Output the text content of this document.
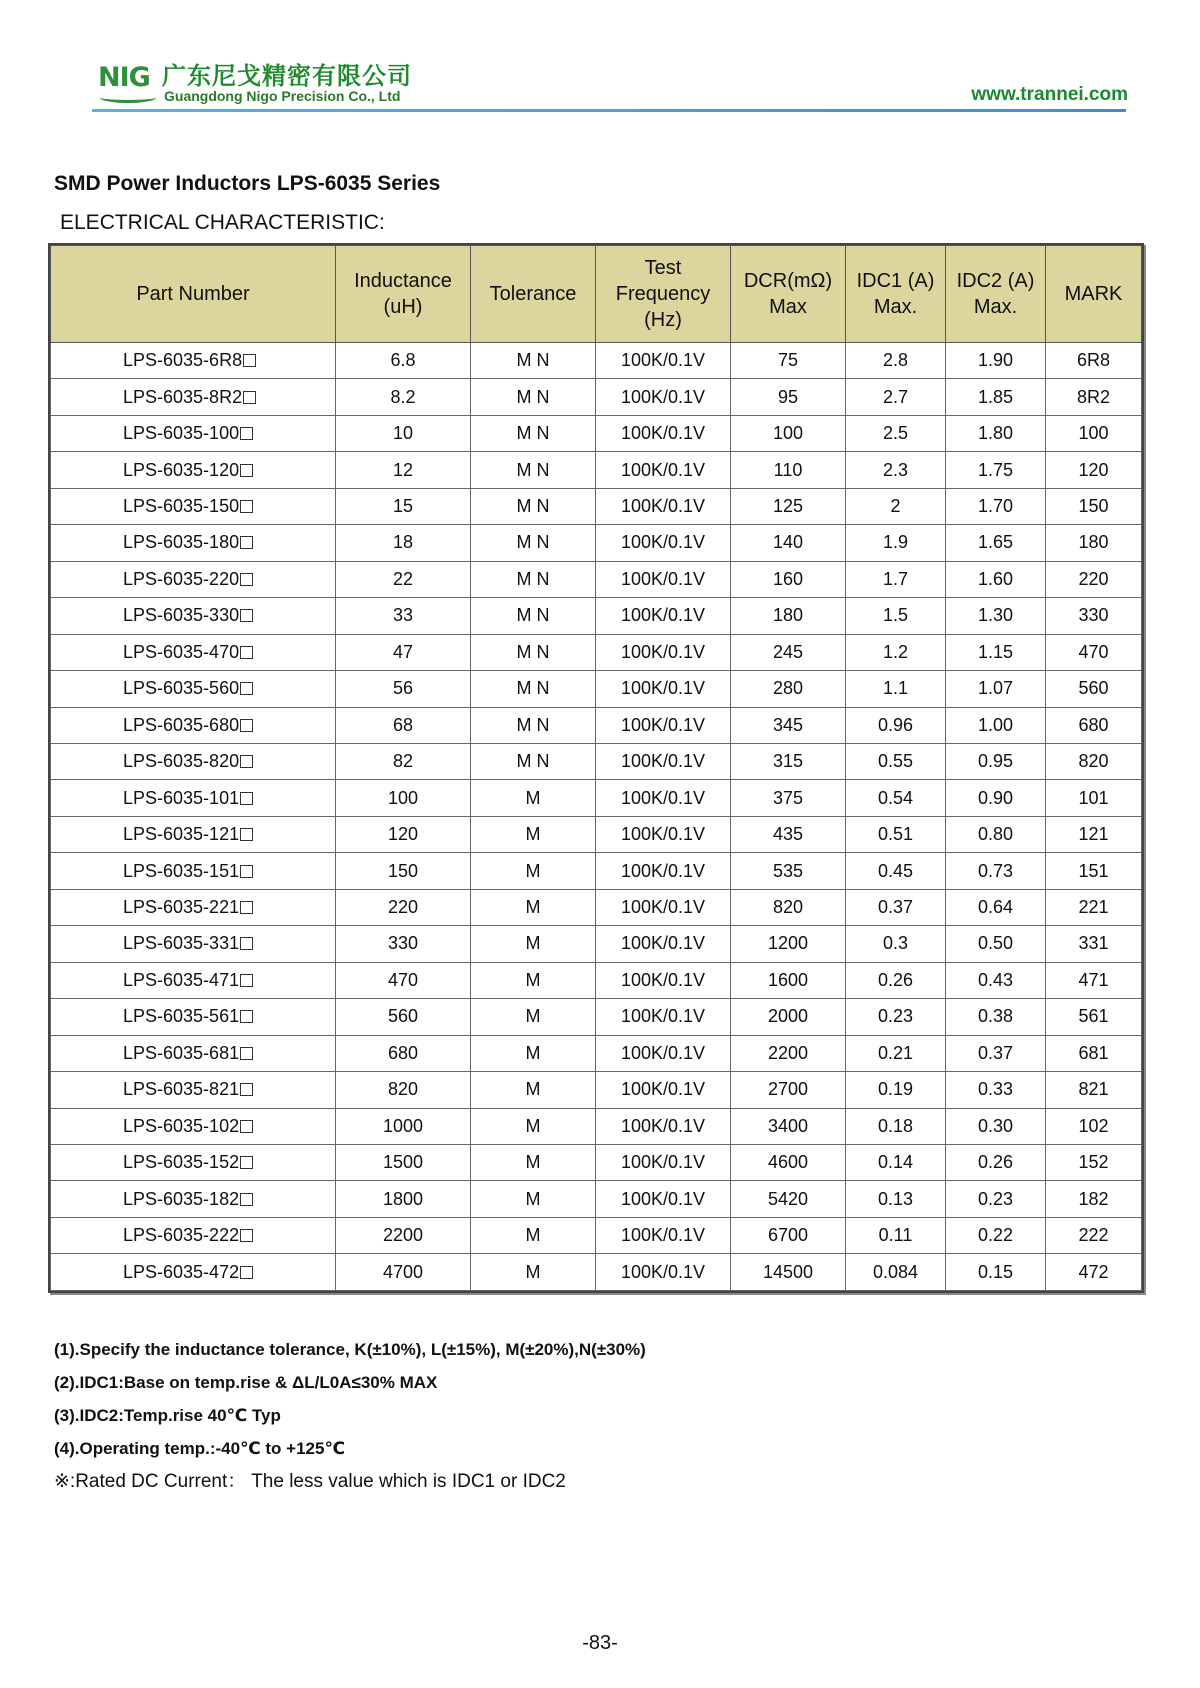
NIG 广东尼戈精密有限公司
Guangdong Nigo Precision Co., Ltd	www.trannei.com
SMD Power Inductors LPS-6035 Series
ELECTRICAL CHARACTERISTIC:
Part Number	Inductance (uH)	Tolerance	Test Frequency (Hz)	DCR(mΩ) Max	IDC1 (A) Max.	IDC2 (A) Max.	MARK
LPS-6035-6R8	6.8	M N	100K/0.1V	75	2.8	1.90	6R8
LPS-6035-8R2	8.2	M N	100K/0.1V	95	2.7	1.85	8R2
LPS-6035-100	10	M N	100K/0.1V	100	2.5	1.80	100
LPS-6035-120	12	M N	100K/0.1V	110	2.3	1.75	120
LPS-6035-150	15	M N	100K/0.1V	125	2	1.70	150
LPS-6035-180	18	M N	100K/0.1V	140	1.9	1.65	180
LPS-6035-220	22	M N	100K/0.1V	160	1.7	1.60	220
LPS-6035-330	33	M N	100K/0.1V	180	1.5	1.30	330
LPS-6035-470	47	M N	100K/0.1V	245	1.2	1.15	470
LPS-6035-560	56	M N	100K/0.1V	280	1.1	1.07	560
LPS-6035-680	68	M N	100K/0.1V	345	0.96	1.00	680
LPS-6035-820	82	M N	100K/0.1V	315	0.55	0.95	820
LPS-6035-101	100	M	100K/0.1V	375	0.54	0.90	101
LPS-6035-121	120	M	100K/0.1V	435	0.51	0.80	121
LPS-6035-151	150	M	100K/0.1V	535	0.45	0.73	151
LPS-6035-221	220	M	100K/0.1V	820	0.37	0.64	221
LPS-6035-331	330	M	100K/0.1V	1200	0.3	0.50	331
LPS-6035-471	470	M	100K/0.1V	1600	0.26	0.43	471
LPS-6035-561	560	M	100K/0.1V	2000	0.23	0.38	561
LPS-6035-681	680	M	100K/0.1V	2200	0.21	0.37	681
LPS-6035-821	820	M	100K/0.1V	2700	0.19	0.33	821
LPS-6035-102	1000	M	100K/0.1V	3400	0.18	0.30	102
LPS-6035-152	1500	M	100K/0.1V	4600	0.14	0.26	152
LPS-6035-182	1800	M	100K/0.1V	5420	0.13	0.23	182
LPS-6035-222	2200	M	100K/0.1V	6700	0.11	0.22	222
LPS-6035-472	4700	M	100K/0.1V	14500	0.084	0.15	472
(1).Specify the inductance tolerance, K(±10%), L(±15%), M(±20%),N(±30%)
(2).IDC1:Base on temp.rise & ΔL/L0A≤30% MAX
(3).IDC2:Temp.rise 40℃ Typ
(4).Operating temp.:-40℃ to +125℃
※:Rated DC Current： The less value which is IDC1 or IDC2
-83-
